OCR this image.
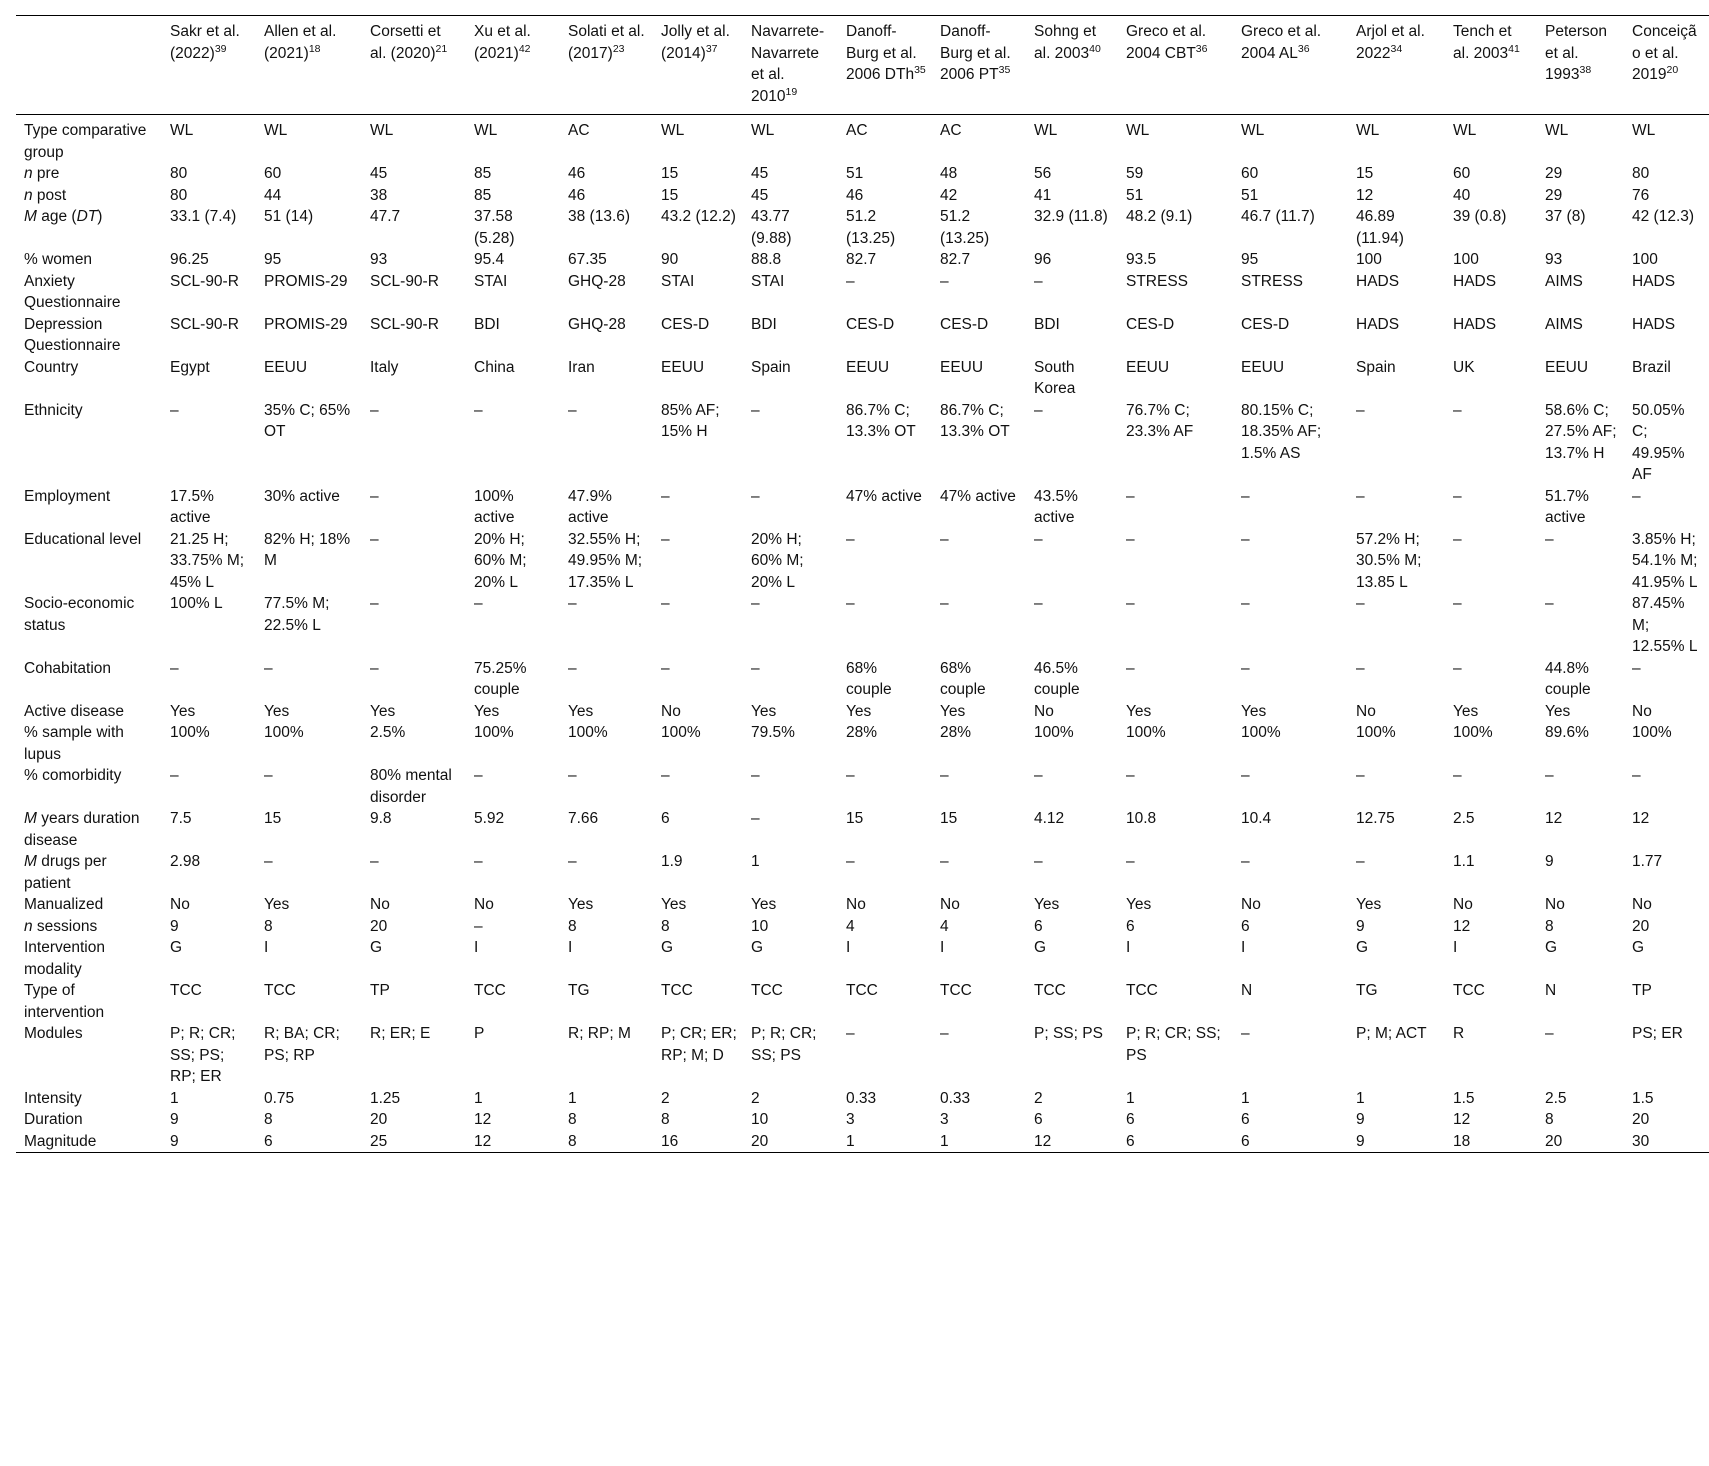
	Sakr et al. $(2022)^{39}$	Allen et al. $(2021)^{18}$	Corsetti et al. $(2020)^{21}$	Xu et al. $(2021)^{42}$	Solati et al. $(2017)^{23}$	Jolly et al. $(2014)^{37}$	Navarrete-Navarrete et al. 2010$^{19}$	Danoff-Burg et al. 2006 DTh$^{35}$	Danoff-Burg et al. 2006 PT$^{35}$	Sohng et al. 2003$^{40}$	Greco et al. 2004 CBT$^{36}$	Greco et al. 2004 AL$^{36}$	Arjol et al. 2022$^{34}$	Tench et al. 2003$^{41}$	Peterson et al. 1993$^{38}$	Conceição et al. 2019$^{20}$
Type comparative group	WL	WL	WL	WL	AC	WL	WL	AC	AC	WL	WL	WL	WL	WL	WL	WL
n pre	80	60	45	85	46	15	45	51	48	56	59	60	15	60	29	80
n post	80	44	38	85	46	15	45	46	42	41	51	51	12	40	29	76
M age (DT)	33.1 (7.4)	51 (14)	47.7	37.58 (5.28)	38 (13.6)	43.2 (12.2)	43.77 (9.88)	51.2 (13.25)	51.2 (13.25)	32.9 (11.8)	48.2 (9.1)	46.7 (11.7)	46.89 (11.94)	39 (0.8)	37 (8)	42 (12.3)
% women	96.25	95	93	95.4	67.35	90	88.8	82.7	82.7	96	93.5	95	100	100	93	100
Anxiety Questionnaire	SCL-90-R	PROMIS-29	SCL-90-R	STAI	GHQ-28	STAI	STAI	–	–	–	STRESS	STRESS	HADS	HADS	AIMS	HADS
Depression Questionnaire	SCL-90-R	PROMIS-29	SCL-90-R	BDI	GHQ-28	CES-D	BDI	CES-D	CES-D	BDI	CES-D	CES-D	HADS	HADS	AIMS	HADS
Country	Egypt	EEUU	Italy	China	Iran	EEUU	Spain	EEUU	EEUU	South Korea	EEUU	EEUU	Spain	UK	EEUU	Brazil
Ethnicity	–	35% C; 65% OT	–	–	–	85% AF; 15% H	–	86.7% C; 13.3% OT	86.7% C; 13.3% OT	–	76.7% C; 23.3% AF	80.15% C; 18.35% AF; 1.5% AS	–	–	58.6% C; 27.5% AF; 13.7% H	50.05% C; 49.95% AF
Employment	17.5% active	30% active	–	100% active	47.9% active	–	–	47% active	47% active	43.5% active	–	–	–	–	51.7% active	–
Educational level	21.25 H; 33.75% M; 45% L	82% H; 18% M	–	20% H; 60% M; 20% L	32.55% H; 49.95% M; 17.35% L	–	20% H; 60% M; 20% L	–	–	–	–	–	57.2% H; 30.5% M; 13.85 L	–	–	3.85% H; 54.1% M; 41.95% L
Socio-economic status	100% L	77.5% M; 22.5% L	–	–	–	–	–	–	–	–	–	–	–	–	–	87.45% M; 12.55% L
Cohabitation	–	–	–	75.25% couple	–	–	–	68% couple	68% couple	46.5% couple	–	–	–	–	44.8% couple	–
Active disease	Yes	Yes	Yes	Yes	Yes	No	Yes	Yes	Yes	No	Yes	Yes	No	Yes	Yes	No
% sample with lupus	100%	100%	2.5%	100%	100%	100%	79.5%	28%	28%	100%	100%	100%	100%	100%	89.6%	100%
% comorbidity	–	–	80% mental disorder	–	–	–	–	–	–	–	–	–	–	–	–	–
M years duration disease	7.5	15	9.8	5.92	7.66	6	–	15	15	4.12	10.8	10.4	12.75	2.5	12	12
M drugs per patient	2.98	–	–	–	–	1.9	1	–	–	–	–	–	–	1.1	9	1.77
Manualized	No	Yes	No	No	Yes	Yes	Yes	No	No	Yes	Yes	No	Yes	No	No	No
n sessions	9	8	20	–	8	8	10	4	4	6	6	6	9	12	8	20
Intervention modality	G	I	G	I	I	G	G	I	I	G	I	I	G	I	G	G
Type of intervention	TCC	TCC	TP	TCC	TG	TCC	TCC	TCC	TCC	TCC	TCC	N	TG	TCC	N	TP
Modules	P; R; CR; SS; PS; RP; ER	R; BA; CR; PS; RP	R; ER; E	P	R; RP; M	P; CR; ER; RP; M; D	P; R; CR; SS; PS	–	–	P; SS; PS	P; R; CR; SS; PS	–	P; M; ACT	R	–	PS; ER
Intensity	1	0.75	1.25	1	1	2	2	0.33	0.33	2	1	1	1	1.5	2.5	1.5
Duration	9	8	20	12	8	8	10	3	3	6	6	6	9	12	8	20
Magnitude	9	6	25	12	8	16	20	1	1	12	6	6	9	18	20	30
